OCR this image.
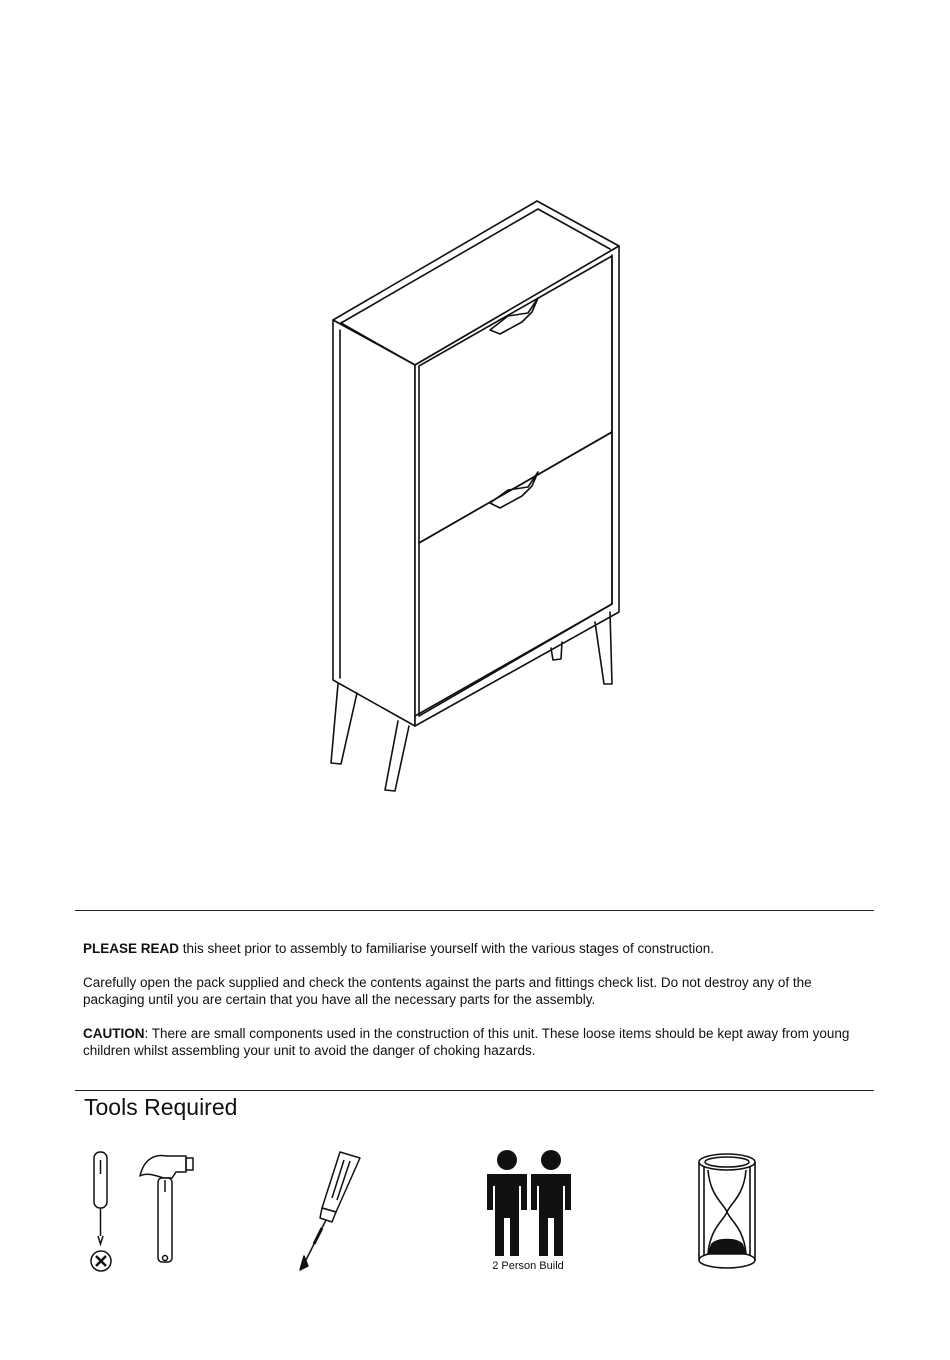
PLEASE READ this sheet prior to assembly to familiarise yourself with the various stages of construction.

Carefully open the pack supplied and check the contents against the parts and fittings check list. Do not destroy any of the packaging until you are certain that you have all the necessary parts for the assembly.

CAUTION: There are small components used in the construction of this unit. These loose items should be kept away from young children whilst assembling your unit to avoid the danger of choking hazards.

Tools Required
2 Person Build
